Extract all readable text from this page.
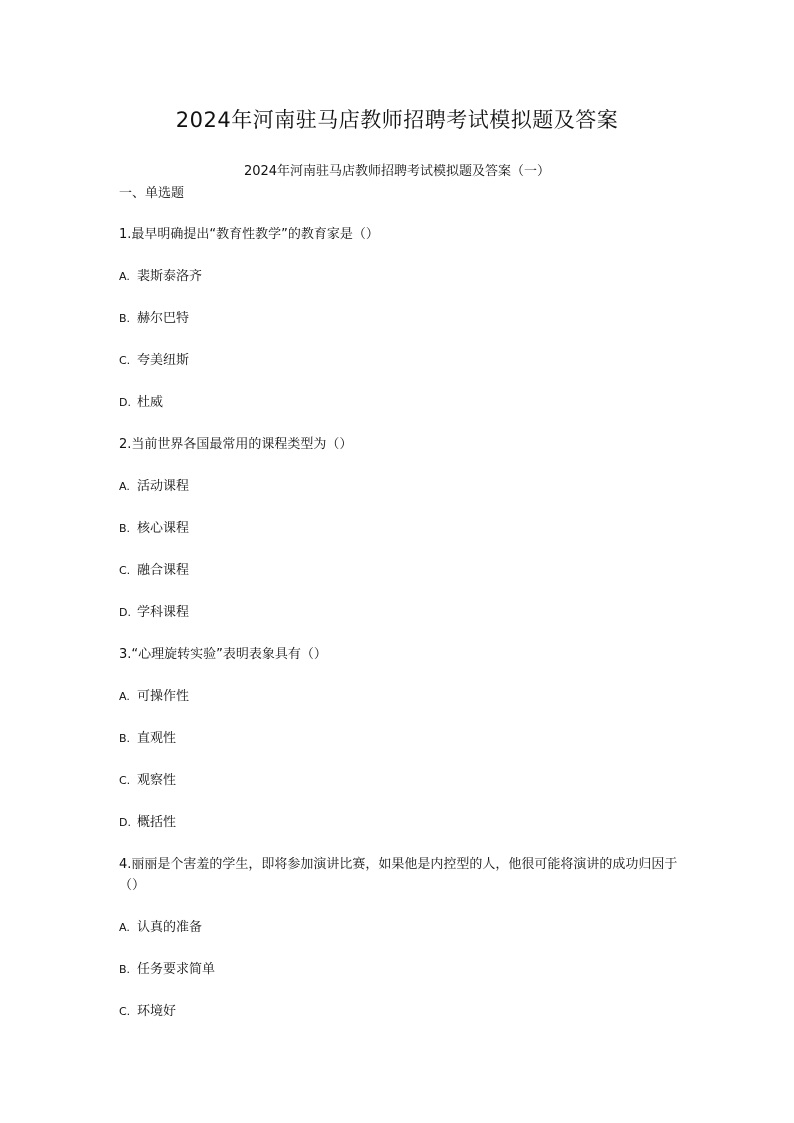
2024年河南驻马店教师招聘考试模拟题及答案
2024年河南驻马店教师招聘考试模拟题及答案（一）
一、单选题
1.最早明确提出“教育性教学”的教育家是（）
A. 裴斯泰洛齐
B. 赫尔巴特
C. 夸美纽斯
D. 杜威
2.当前世界各国最常用的课程类型为（）
A. 活动课程
B. 核心课程
C. 融合课程
D. 学科课程
3.“心理旋转实验”表明表象具有（）
A. 可操作性
B. 直观性
C. 观察性
D. 概括性
4.丽丽是个害羞的学生，即将参加演讲比赛，如果他是内控型的人，他很可能将演讲的成功归因于（）
A. 认真的准备
B. 任务要求简单
C. 环境好
